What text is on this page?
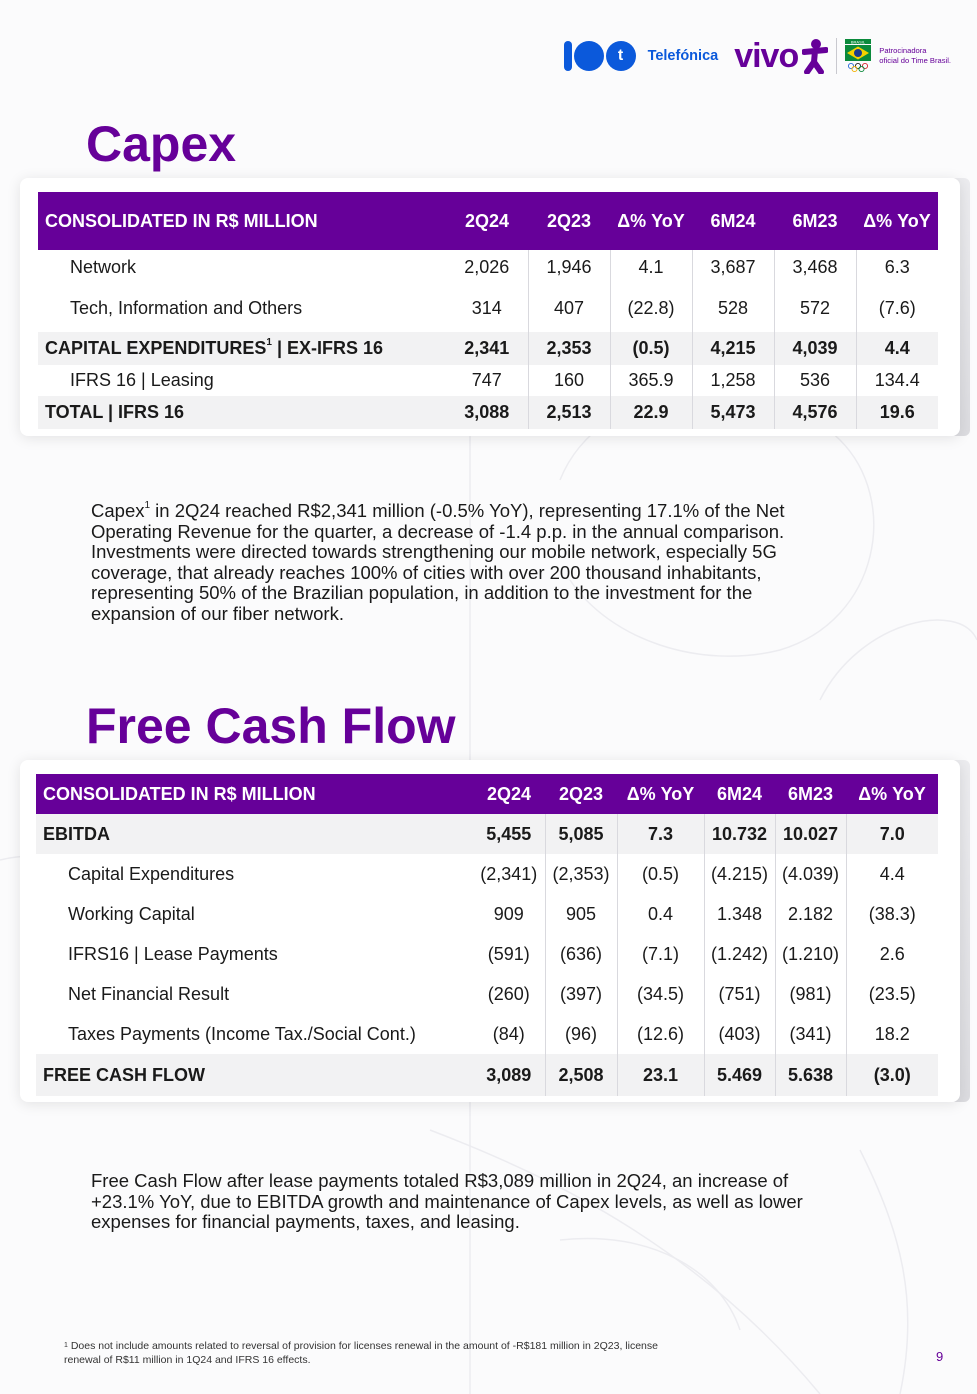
t	Telefónica vivo	BRASIL
Patrocinadora
oficial do Time Brasil.
Capex
CONSOLIDATED IN R$ MILLION	2Q24	2Q23	Δ% YoY	6M24	6M23	Δ% YoY
Network	2,026	1,946	4.1	3,687	3,468	6.3
Tech, Information and Others	314	407	(22.8)	528	572	(7.6)
CAPITAL EXPENDITURES$^1$ | EX-IFRS 16	2,341	2,353	(0.5)	4,215	4,039	4.4
IFRS 16 | Leasing	747	160	365.9	1,258	536	134.4
TOTAL | IFRS 16	3,088	2,513	22.9	5,473	4,576	19.6
Capex$^1$ in 2Q24 reached R$2,341 million (-0.5% YoY), representing 17.1% of the Net
Operating Revenue for the quarter, a decrease of -1.4 p.p. in the annual comparison.
Investments were directed towards strengthening our mobile network, especially 5G
coverage, that already reaches 100% of cities with over 200 thousand inhabitants,
representing 50% of the Brazilian population, in addition to the investment for the
expansion of our fiber network.
Free Cash Flow
CONSOLIDATED IN R$ MILLION	2Q24	2Q23	Δ% YoY	6M24	6M23	Δ% YoY
EBITDA	5,455	5,085	7.3	10.732	10.027	7.0
Capital Expenditures	(2,341)	(2,353)	(0.5)	(4.215)	(4.039)	4.4
Working Capital	909	905	0.4	1.348	2.182	(38.3)
IFRS16 | Lease Payments	(591)	(636)	(7.1)	(1.242)	(1.210)	2.6
Net Financial Result	(260)	(397)	(34.5)	(751)	(981)	(23.5)
Taxes Payments (Income Tax./Social Cont.)	(84)	(96)	(12.6)	(403)	(341)	18.2
FREE CASH FLOW	3,089	2,508	23.1	5.469	5.638	(3.0)
Free Cash Flow after lease payments totaled R$3,089 million in 2Q24, an increase of
+23.1% YoY, due to EBITDA growth and maintenance of Capex levels, as well as lower
expenses for financial payments, taxes, and leasing.
$^1$ Does not include amounts related to reversal of provision for licenses renewal in the amount of -R$181 million in 2Q23, license
renewal of R$11 million in 1Q24 and IFRS 16 effects.	9
